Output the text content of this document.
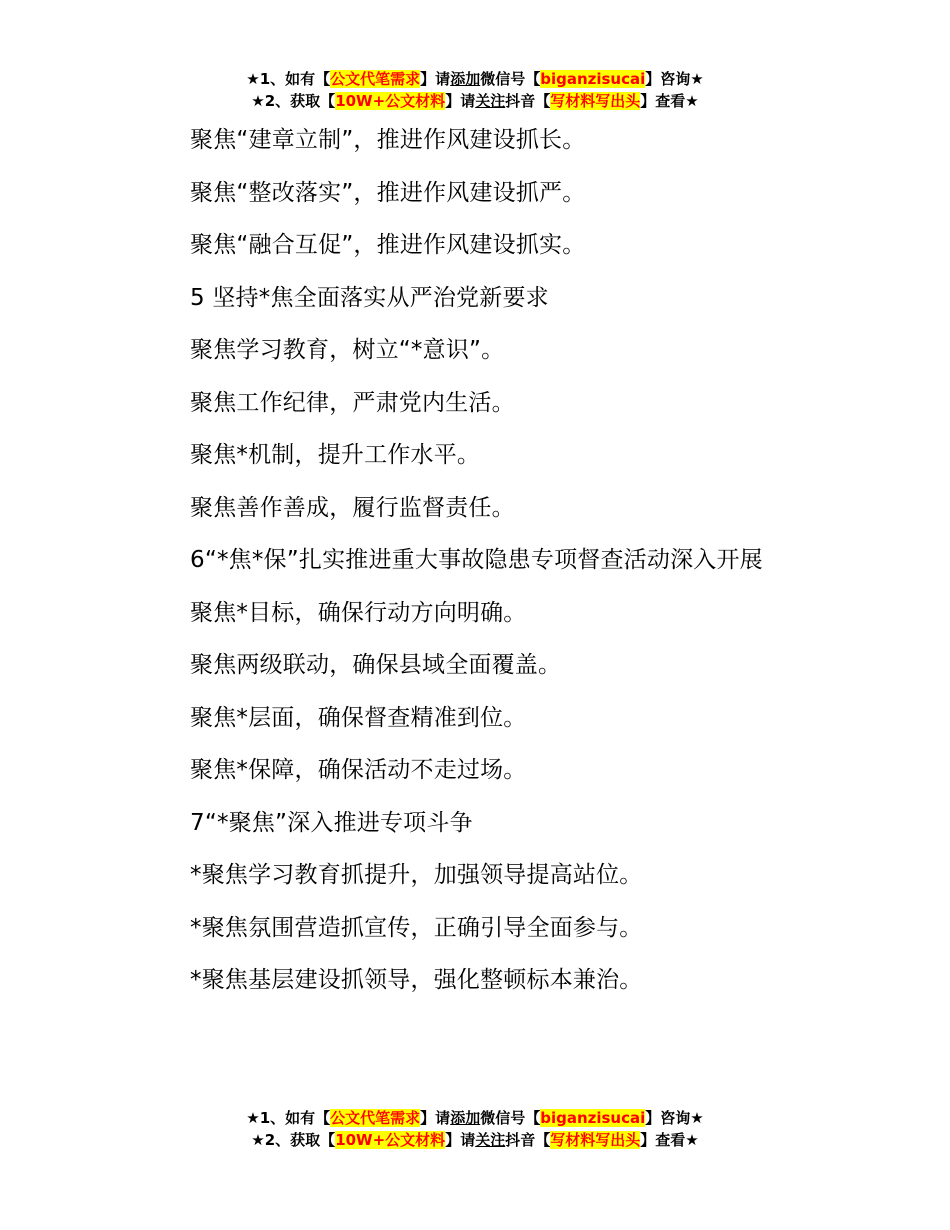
★1、如有【公文代笔需求】请添加微信号【biganzisucai】咨询★
★2、获取【10W+公文材料】请关注抖音【写材料写出头】查看★

聚焦“建章立制”，推进作风建设抓长。

聚焦“整改落实”，推进作风建设抓严。

聚焦“融合互促”，推进作风建设抓实。

5 坚持*焦全面落实从严治党新要求

聚焦学习教育，树立“*意识”。

聚焦工作纪律，严肃党内生活。

聚焦*机制，提升工作水平。

聚焦善作善成，履行监督责任。

6“*焦*保”扎实推进重大事故隐患专项督查活动深入开展

聚焦*目标，确保行动方向明确。

聚焦两级联动，确保县域全面覆盖。

聚焦*层面，确保督查精准到位。

聚焦*保障，确保活动不走过场。

7“*聚焦”深入推进专项斗争

*聚焦学习教育抓提升，加强领导提高站位。

*聚焦氛围营造抓宣传，正确引导全面参与。

*聚焦基层建设抓领导，强化整顿标本兼治。

★1、如有【公文代笔需求】请添加微信号【biganzisucai】咨询★
★2、获取【10W+公文材料】请关注抖音【写材料写出头】查看★
